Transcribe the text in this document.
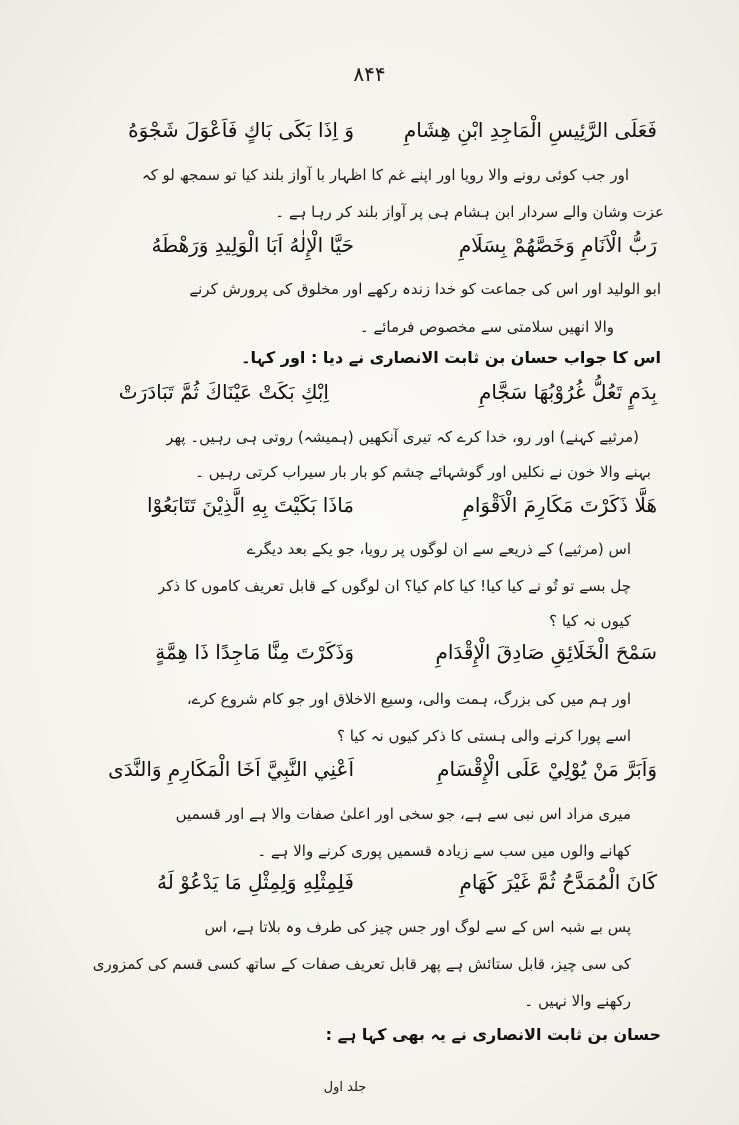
۸۴۴
وَ اِذَا بَكَى بَاكٍ فَاَعْوَلَ شَجْوَهُ فَعَلَى الرَّئِيسِ الْمَاجِدِ ابْنِ هِشَامِ
اور جب کوئی رونے والا رویا اور اپنے غم کا اظہار با آواز بلند کیا تو سمجھ لو کہ
عزت وشان والے سردار ابن ہشام ہی پر آواز بلند کر رہا ہے ۔
حَيَّا الْإِلٰهُ اَبَا الْوَلِيدِ وَرَهْطَهُ	رَبُّ الْاَنَامِ وَخَصَّهُمْ بِسَلَامِ
ابو الولید اور اس کی جماعت کو خدا زندہ رکھے اور مخلوق کی پرورش کرنے
والا انھیں سلامتی سے مخصوص فرمائے ۔
اس کا جواب حسان بن ثابت الانصاری نے دیا : اور کہا۔
اِبْكِ بَكَتْ عَيْنَاكَ ثُمَّ تَبَادَرَتْ	بِدَمٍ تَعُلُّ غُرُوْبُهَا سَجَّامِ
(مرثیے کہنے) اور رو، خدا کرے کہ تیری آنکھیں (ہمیشہ) روتی ہی رہیں۔ پھر
بہنے والا خون نے نکلیں اور گوشہائے چشم کو بار بار سیراب کرتی رہیں ۔
مَاذَا بَكَيْتَ بِهِ الَّذِيْنَ تَتَابَعُوْا	هَلَّا ذَكَرْتَ مَكَارِمَ الْاَقْوَامِ
اس (مرثیے) کے ذریعے سے ان لوگوں پر رویا، جو یکے بعد دیگرے
چل بسے تو تُو نے کیا کیا! کیا کام کیا؟ ان لوگوں کے قابل تعریف کاموں کا ذکر
کیوں نہ کیا ؟
وَذَكَرْتَ مِنَّا مَاجِدًا ذَا هِمَّةٍ	سَمْحَ الْخَلَائِقِ صَادِقَ الْإِقْدَامِ
اور ہم میں کی بزرگ، ہمت والی، وسیع الاخلاق اور جو کام شروع کرے،
اسے پورا کرنے والی ہستی کا ذکر کیوں نہ کیا ؟
اَعْنِي النَّبِيَّ اَخَا الْمَكَارِمِ وَالنَّدَى	وَاَبَرَّ مَنْ يُوْلِيْ عَلَى الْإِقْسَامِ
میری مراد اس نبی سے ہے، جو سخی اور اعلیٰ صفات والا ہے اور قسمیں
کھانے والوں میں سب سے زیادہ قسمیں پوری کرنے والا ہے ۔
فَلِمِثْلِهِ وَلِمِثْلِ مَا يَدْعُوْ لَهُ	كَانَ الْمُمَدَّحُ ثُمَّ غَيْرَ كَهَامِ
پس بے شبہ اس کے سے لوگ اور جس چیز کی طرف وہ بلاتا ہے، اس
کی سی چیز، قابل ستائش ہے پھر قابل تعریف صفات کے ساتھ کسی قسم کی کمزوری
رکھنے والا نہیں ۔
حسان بن ثابت الانصاری نے یہ بھی کہا ہے :
جلد اول
